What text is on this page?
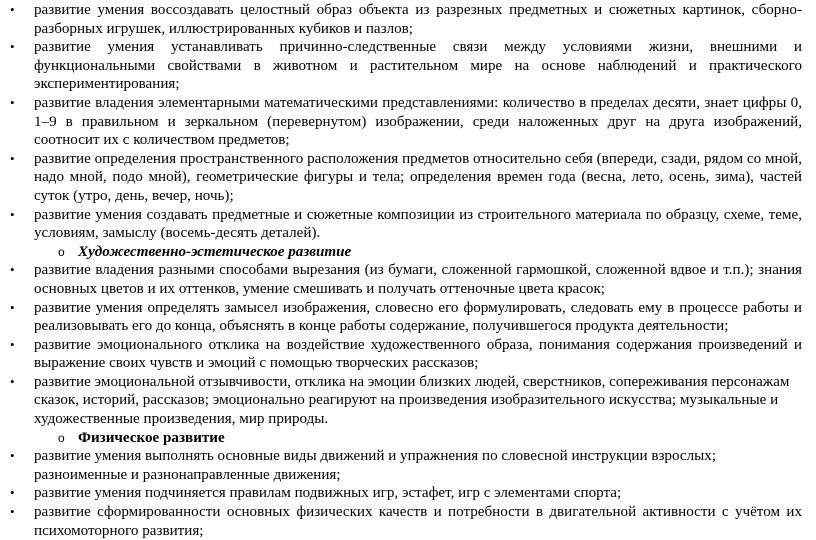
• развитие умения воссоздавать целостный образ объекта из разрезных предметных и сюжетных картинок, сборно-разборных игрушек, иллюстрированных кубиков и пазлов;
• развитие умения устанавливать причинно-следственные связи между условиями жизни, внешними и функциональными свойствами в животном и растительном мире на основе наблюдений и практического экспериментирования;
• развитие владения элементарными математическими представлениями: количество в пределах десяти, знает цифры 0, 1–9 в правильном и зеркальном (перевернутом) изображении, среди наложенных друг на друга изображений, соотносит их с количеством предметов;
• развитие определения пространственного расположения предметов относительно себя (впереди, сзади, рядом со мной, надо мной, подо мной), геометрические фигуры и тела; определения времен года (весна, лето, осень, зима), частей суток (утро, день, вечер, ночь);
• развитие умения создавать предметные и сюжетные композиции из строительного материала по образцу, схеме, теме, условиям, замыслу (восемь-десять деталей).
o Художественно-эстетическое развитие
• развитие владения разными способами вырезания (из бумаги, сложенной гармошкой, сложенной вдвое и т.п.); знания основных цветов и их оттенков, умение смешивать и получать оттеночные цвета красок;
• развитие умения определять замысел изображения, словесно его формулировать, следовать ему в процессе работы и реализовывать его до конца, объяснять в конце работы содержание, получившегося продукта деятельности;
• развитие эмоционального отклика на воздействие художественного образа, понимания содержания произведений и выражение своих чувств и эмоций с помощью творческих рассказов;
• развитие эмоциональной отзывчивости, отклика на эмоции близких людей, сверстников, сопереживания персонажам сказок, историй, рассказов; эмоционально реагируют на произведения изобразительного искусства; музыкальные и художественные произведения, мир природы.
o Физическое развитие
• развитие умения выполнять основные виды движений и упражнения по словесной инструкции взрослых; разноименные и разнонаправленные движения;
• развитие умения подчиняется правилам подвижных игр, эстафет, игр с элементами спорта;
• развитие сформированности основных физических качеств и потребности в двигательной активности с учётом их психомоторного развития;
